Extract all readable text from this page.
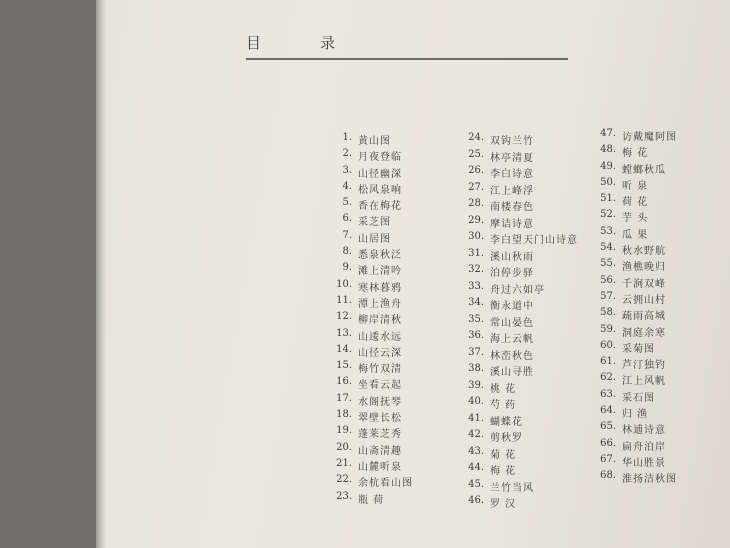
目	录
1. 黄山图
2. 月夜登临
3. 山径幽深
4. 松风泉响
5. 香在梅花
6. 采芝图
7. 山居图
8. 悉泉秋泛
9. 滩上清吟
10. 寒林暮鸦
11. 潭上渔舟
12. 柳岸清秋
13. 山逶水远
14. 山径云深
15. 梅竹双清
16. 坐看云起
17. 水阁抚琴
18. 翠壁长松
19. 蓬莱芝秀
20. 山斋清趣
21. 山麓听泉
22. 余杭看山图
23. 瓶 荷
24. 双钩兰竹
25. 林亭清夏
26. 李白诗意
27. 江上峰浮
28. 南楼春色
29. 摩诘诗意
30. 李白望天门山诗意
31. 溪山秋雨
32. 泊停步驿
33. 舟过六如亭
34. 衡永道中
35. 常山晏色
36. 海上云帆
37. 林峦秋色
38. 溪山寻胜
39. 桃 花
40. 芍 药
41. 蝴蝶花
42. 剪秋罗
43. 菊 花
44. 梅 花
45. 兰竹当风
46. 罗 汉
47. 访戴魔阿图
48. 梅 花
49. 螳螂秋瓜
50. 听 泉
51. 荷 花
52. 芋 头
53. 瓜 果
54. 秋水野航
55. 渔樵晚归
56. 千涧双峰
57. 云拥山村
58. 疏雨高城
59. 洞庭余寒
60. 采菊图
61. 芦汀独钓
62. 江上风帆
63. 采石图
64. 归 渔
65. 林逋诗意
66. 扁舟泊岸
67. 华山胜景
68. 淮扬洁秋图
